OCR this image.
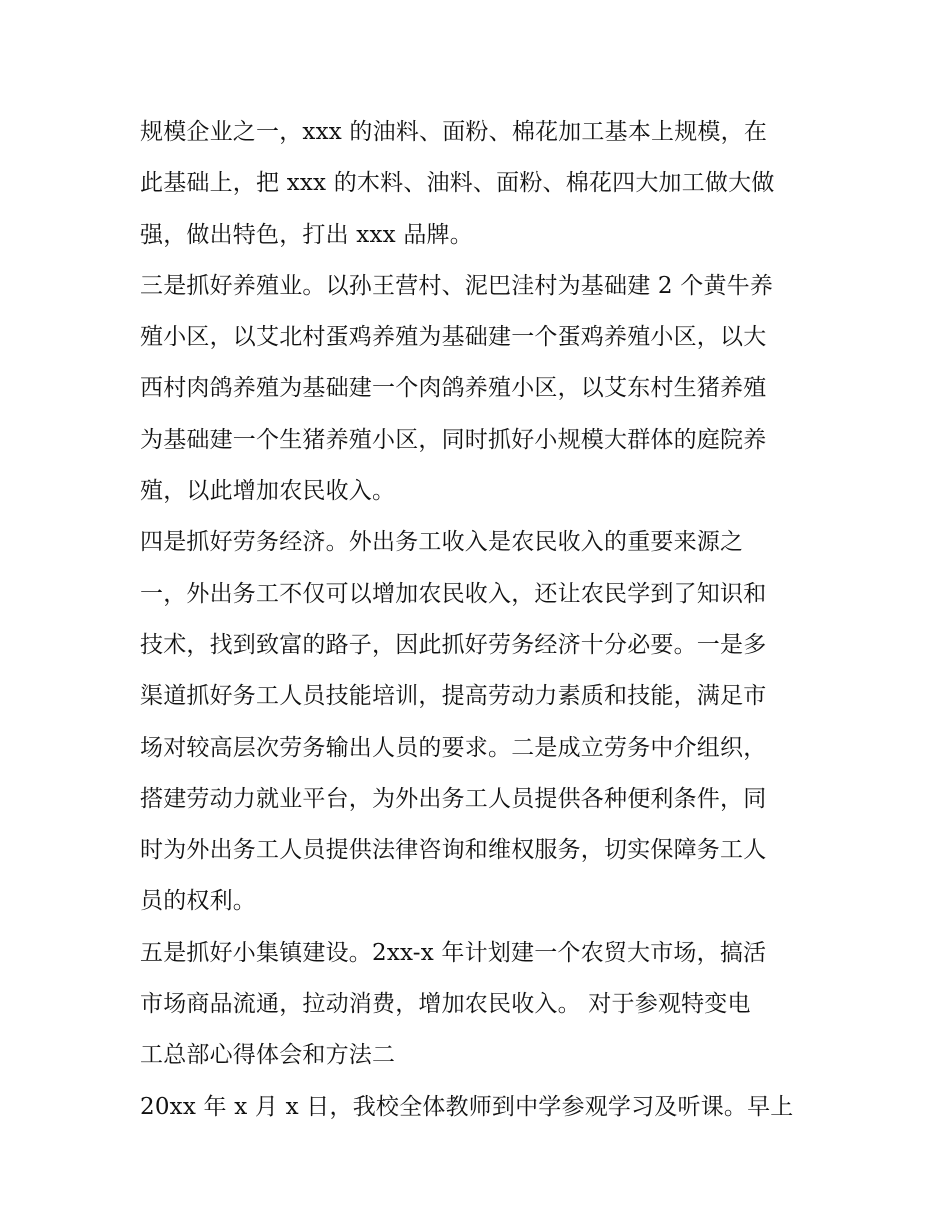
规模企业之一，xxx 的油料、面粉、棉花加工基本上规模，在
此基础上，把 xxx 的木料、油料、面粉、棉花四大加工做大做
强，做出特色，打出 xxx 品牌。
三是抓好养殖业。以孙王营村、泥巴洼村为基础建 2 个黄牛养
殖小区，以艾北村蛋鸡养殖为基础建一个蛋鸡养殖小区，以大
西村肉鸽养殖为基础建一个肉鸽养殖小区，以艾东村生猪养殖
为基础建一个生猪养殖小区，同时抓好小规模大群体的庭院养
殖，以此增加农民收入。
四是抓好劳务经济。外出务工收入是农民收入的重要来源之
一，外出务工不仅可以增加农民收入，还让农民学到了知识和
技术，找到致富的路子，因此抓好劳务经济十分必要。一是多
渠道抓好务工人员技能培训，提高劳动力素质和技能，满足市
场对较高层次劳务输出人员的要求。二是成立劳务中介组织，
搭建劳动力就业平台，为外出务工人员提供各种便利条件，同
时为外出务工人员提供法律咨询和维权服务，切实保障务工人
员的权利。
五是抓好小集镇建设。2xx-x 年计划建一个农贸大市场，搞活
市场商品流通，拉动消费，增加农民收入。 对于参观特变电
工总部心得体会和方法二
20xx 年 x 月 x 日，我校全体教师到中学参观学习及听课。早上
